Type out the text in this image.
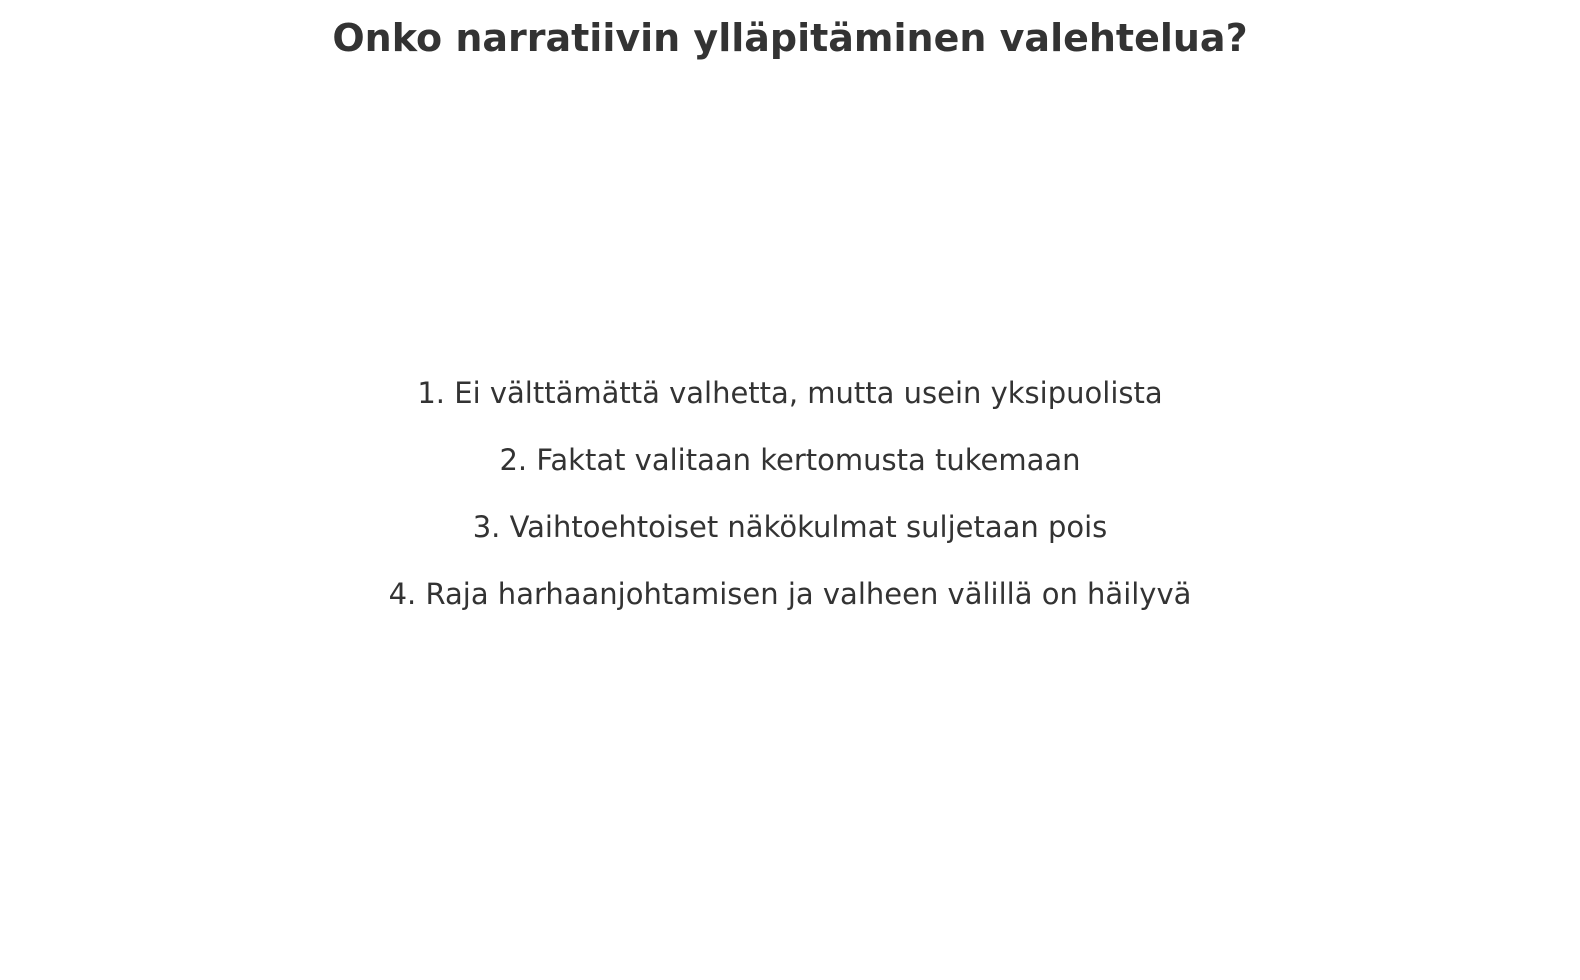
Onko narratiivin ylläpitäminen valehtelua?
1. Ei välttämättä valhetta, mutta usein yksipuolista
2. Faktat valitaan kertomusta tukemaan
3. Vaihtoehtoiset näkökulmat suljetaan pois
4. Raja harhaanjohtamisen ja valheen välillä on häilyvä
